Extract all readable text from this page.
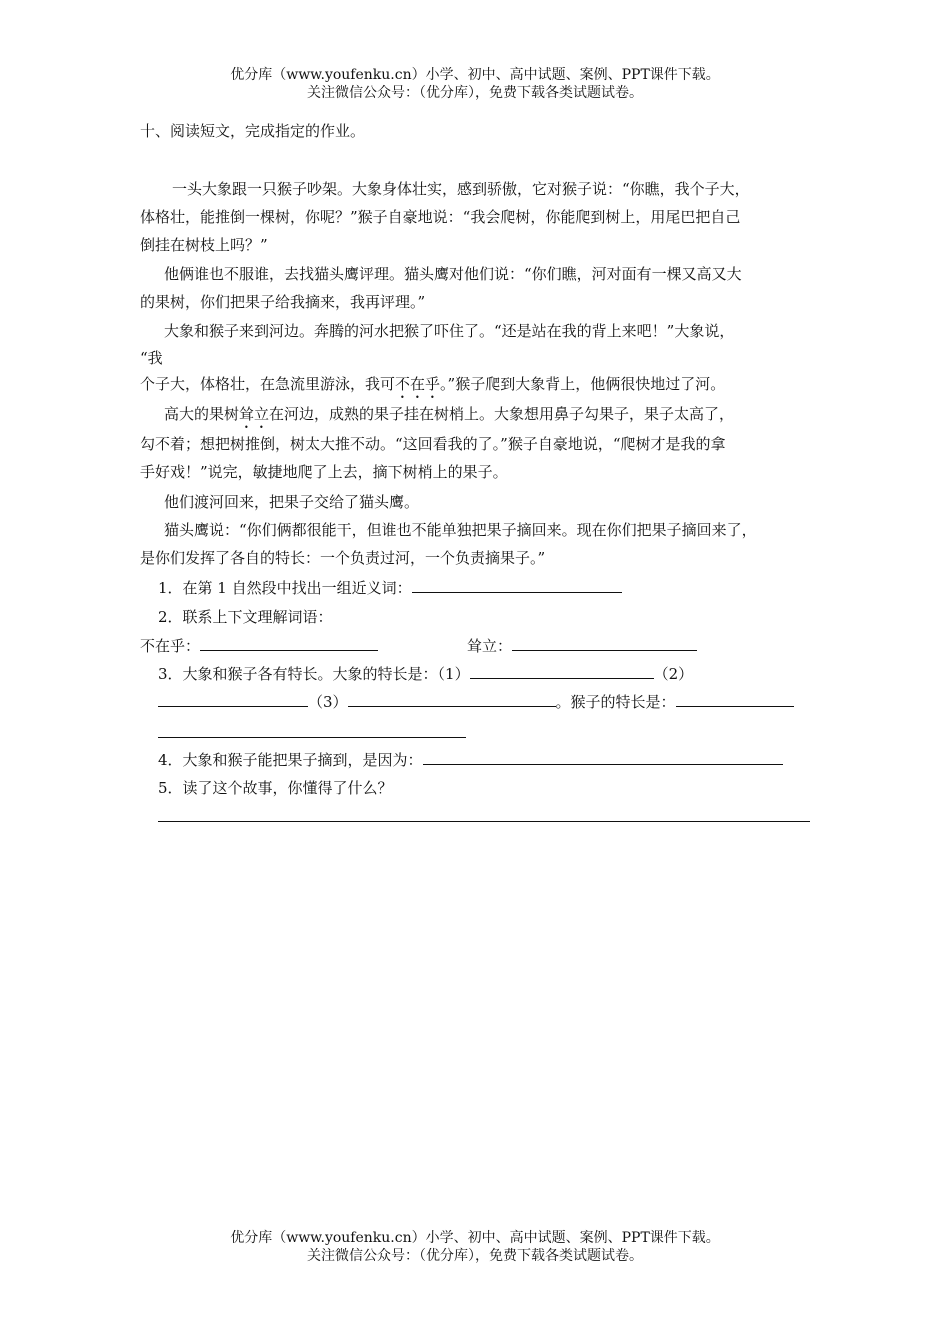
优分库（www.youfenku.cn）小学、初中、高中试题、案例、PPT课件下载。
关注微信公众号：（优分库），免费下载各类试题试卷。
十、阅读短文，完成指定的作业。
一头大象跟一只猴子吵架。大象身体壮实，感到骄傲，它对猴子说：“你瞧，我个子大，
体格壮，能推倒一棵树，你呢？”猴子自豪地说：“我会爬树，你能爬到树上，用尾巴把自己
倒挂在树枝上吗？”
他俩谁也不服谁，去找猫头鹰评理。猫头鹰对他们说：“你们瞧，河对面有一棵又高又大
的果树，你们把果子给我摘来，我再评理。”
大象和猴子来到河边。奔腾的河水把猴了吓住了。“还是站在我的背上来吧！”大象说，
“我
个子大，体格壮，在急流里游泳，我可不在乎。”猴子爬到大象背上，他俩很快地过了河。
高大的果树耸立在河边，成熟的果子挂在树梢上。大象想用鼻子勾果子，果子太高了，
勾不着；想把树推倒，树太大推不动。“这回看我的了。”猴子自豪地说，“爬树才是我的拿
手好戏！”说完，敏捷地爬了上去，摘下树梢上的果子。
他们渡河回来，把果子交给了猫头鹰。
猫头鹰说：“你们俩都很能干，但谁也不能单独把果子摘回来。现在你们把果子摘回来了，
是你们发挥了各自的特长：一个负责过河，一个负责摘果子。”
1．在第 1 自然段中找出一组近义词：
2．联系上下文理解词语：
不在乎：	耸立：
3．大象和猴子各有特长。大象的特长是：（1）	（2）
（3）	。猴子的特长是：
4．大象和猴子能把果子摘到，是因为：
5．读了这个故事，你懂得了什么？
优分库（www.youfenku.cn）小学、初中、高中试题、案例、PPT课件下载。
关注微信公众号：（优分库），免费下载各类试题试卷。
